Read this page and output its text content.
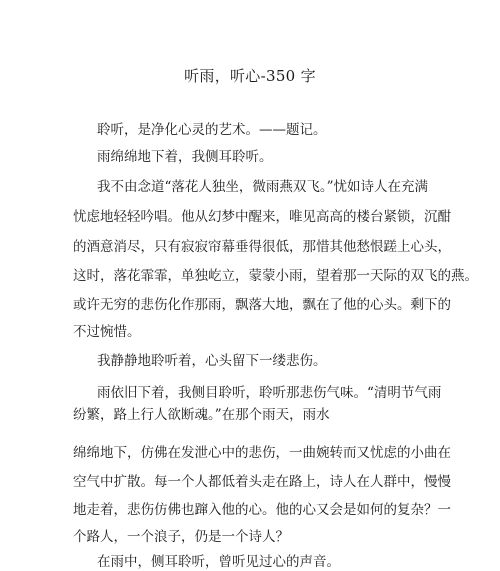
听雨，听心-350 字
聆听，是净化心灵的艺术。——题记。
雨绵绵地下着，我侧耳聆听。
我不由念道“落花人独坐，微雨燕双飞。”忧如诗人在充满
忧虑地轻轻吟唱。他从幻梦中醒来，唯见高高的楼台紧锁，沉酣
的酒意消尽，只有寂寂帘幕垂得很低，那惜其他愁恨蹉上心头，
这时，落花霏霏，单独屹立，蒙蒙小雨，望着那一天际的双飞的燕。
或许无穷的悲伤化作那雨，飘落大地，飘在了他的心头。剩下的
不过惋惜。
我静静地聆听着，心头留下一缕悲伤。
雨依旧下着，我侧目聆听，聆听那悲伤气味。“清明节气雨
纷繁，路上行人欲断魂。”在那个雨天，雨水
绵绵地下，仿佛在发泄心中的悲伤，一曲婉转而又忧虑的小曲在
空气中扩散。每一个人都低着头走在路上，诗人在人群中，慢慢
地走着，悲伤仿佛也蹿入他的心。他的心又会是如何的复杂？一
个路人，一个浪子，仍是一个诗人？
在雨中，侧耳聆听，曾听见过心的声音。
